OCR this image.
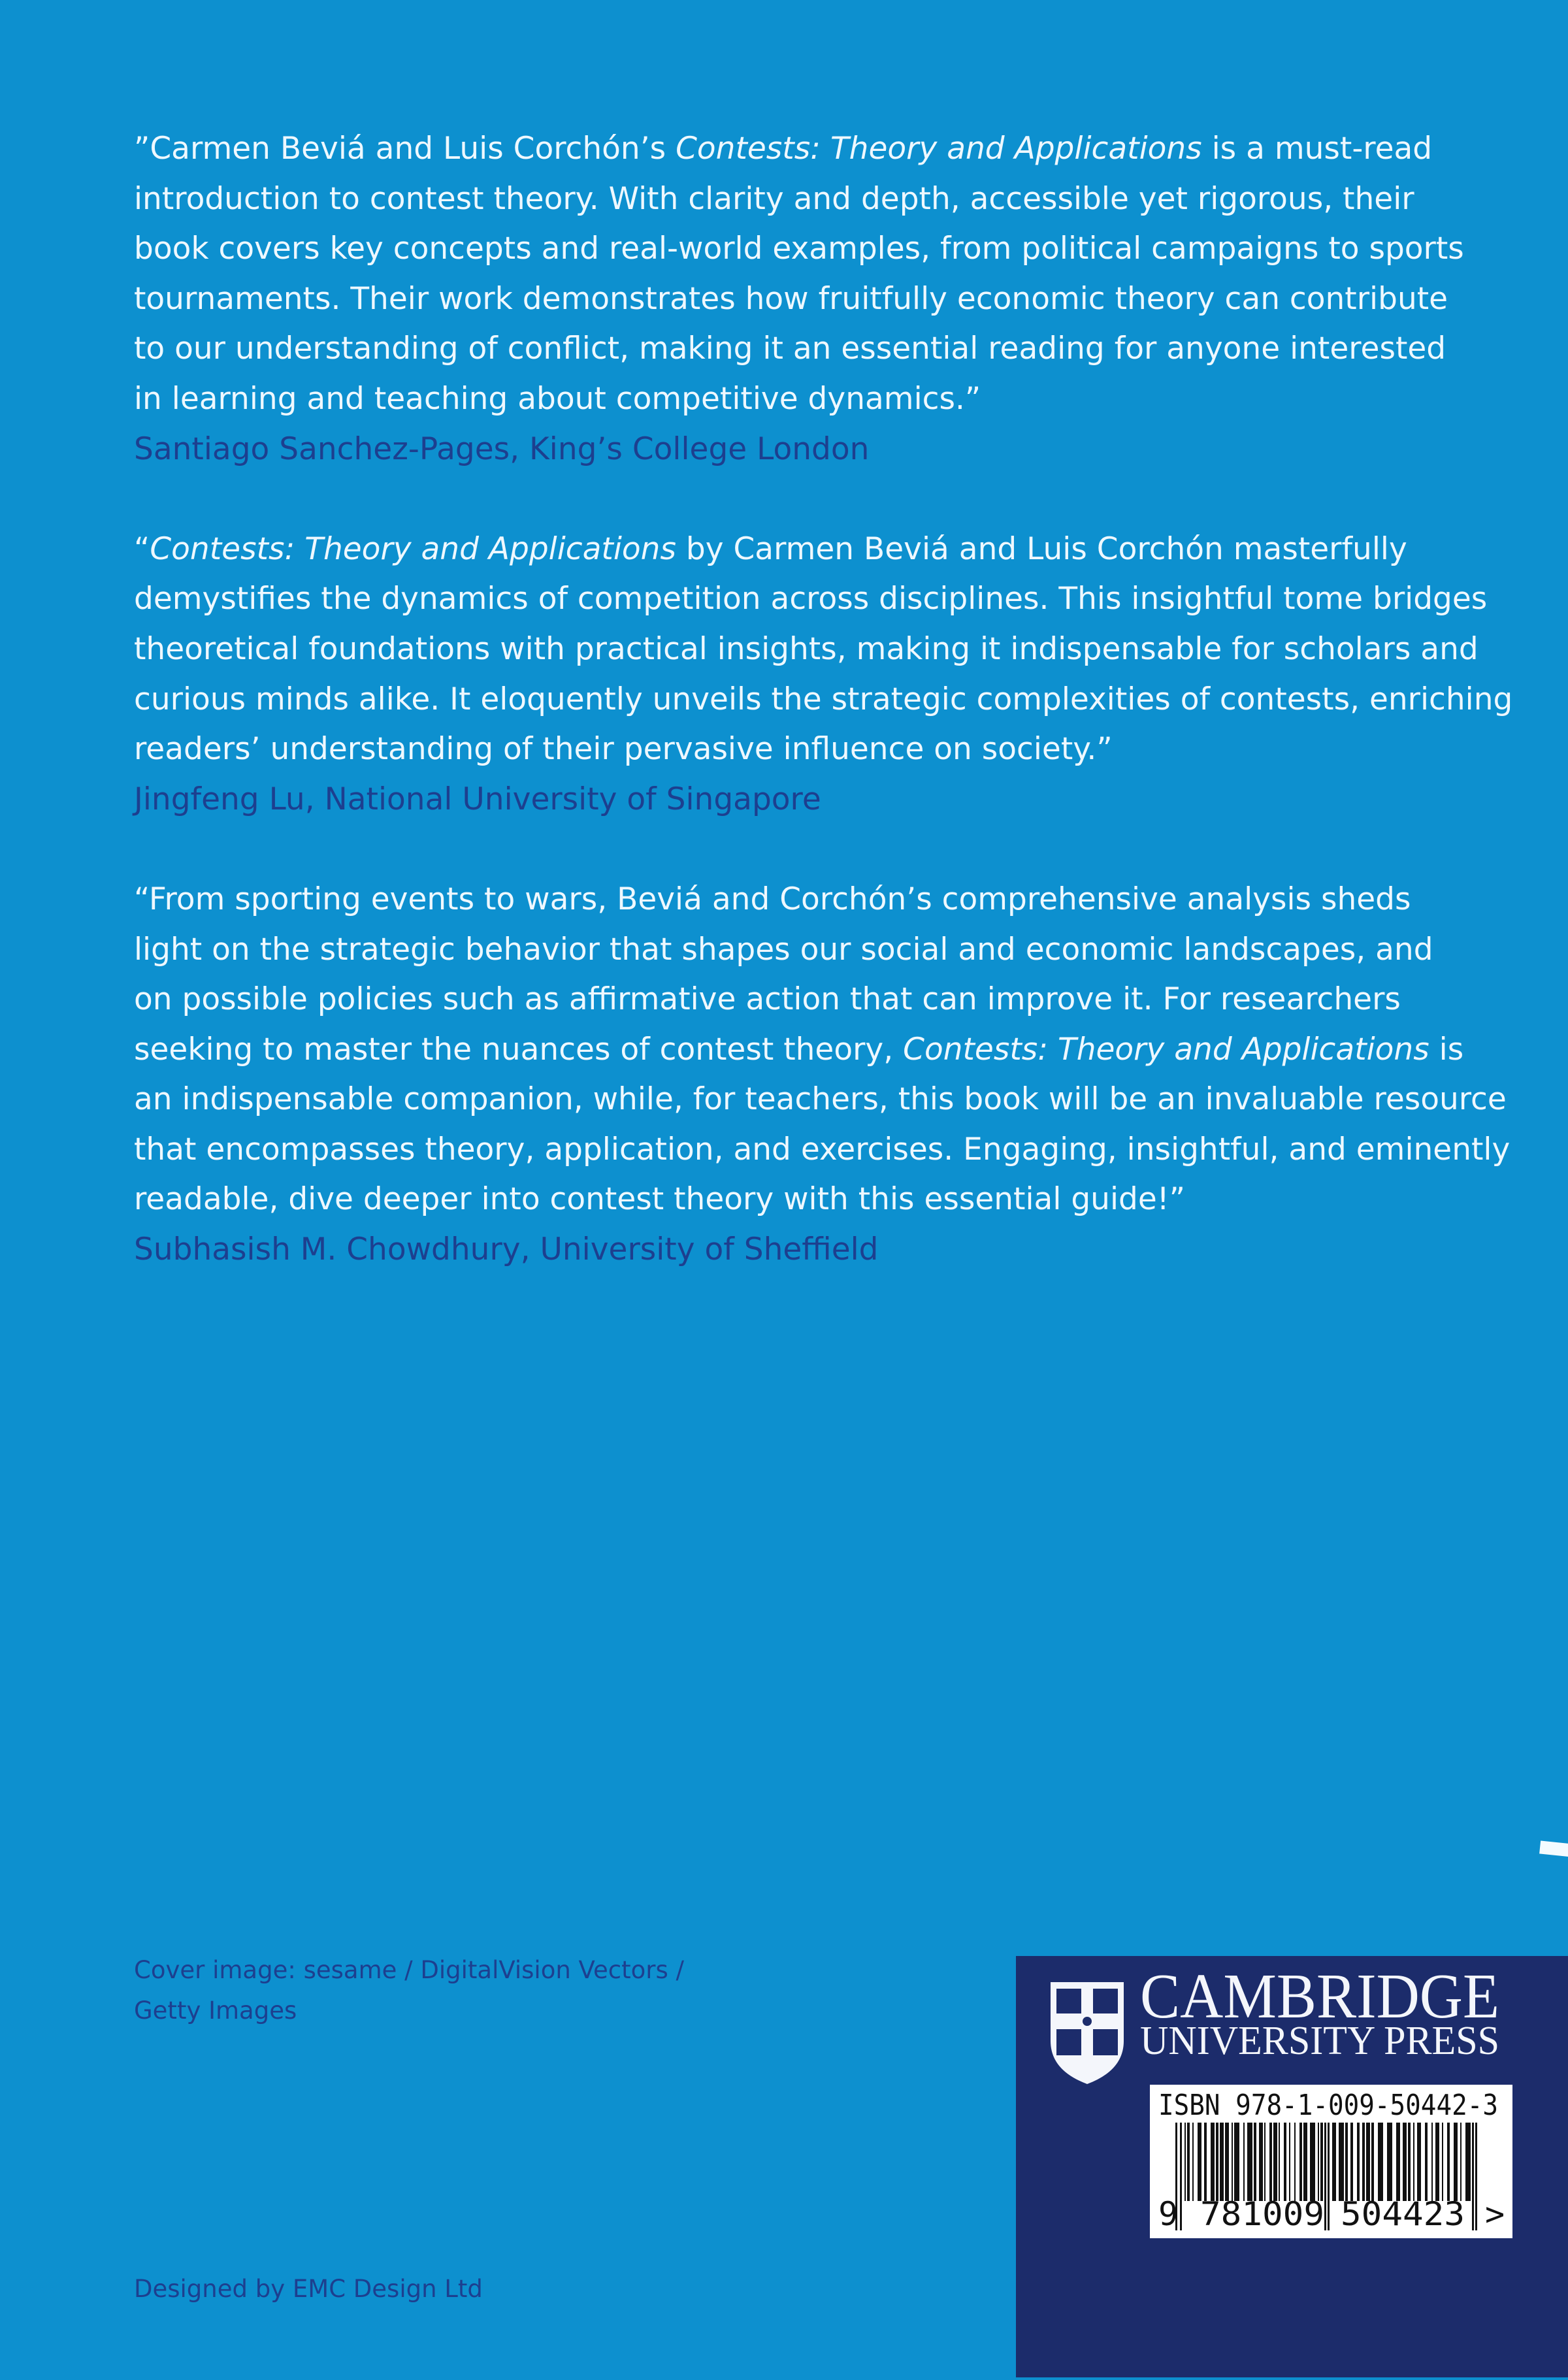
”Carmen Beviá and Luis Corchón’s Contests: Theory and Applications is a must-read
introduction to contest theory. With clarity and depth, accessible yet rigorous, their
book covers key concepts and real-world examples, from political campaigns to sports
tournaments. Their work demonstrates how fruitfully economic theory can contribute
to our understanding of conflict, making it an essential reading for anyone interested
in learning and teaching about competitive dynamics.”
Santiago Sanchez-Pages, King’s College London
“Contests: Theory and Applications by Carmen Beviá and Luis Corchón masterfully
demystifies the dynamics of competition across disciplines. This insightful tome bridges
theoretical foundations with practical insights, making it indispensable for scholars and
curious minds alike. It eloquently unveils the strategic complexities of contests, enriching
readers’ understanding of their pervasive influence on society.”
Jingfeng Lu, National University of Singapore
“From sporting events to wars, Beviá and Corchón’s comprehensive analysis sheds
light on the strategic behavior that shapes our social and economic landscapes, and
on possible policies such as affirmative action that can improve it. For researchers
seeking to master the nuances of contest theory, Contests: Theory and Applications is
an indispensable companion, while, for teachers, this book will be an invaluable resource
that encompasses theory, application, and exercises. Engaging, insightful, and eminently
readable, dive deeper into contest theory with this essential guide!”
Subhasish M. Chowdhury, University of Sheffield
Cover image: sesame / DigitalVision Vectors /
Getty Images
Designed by EMC Design Ltd
CAMBRIDGE
UNIVERSITY PRESS
ISBN 978-1-009-50442-3
9 781009 504423 >
